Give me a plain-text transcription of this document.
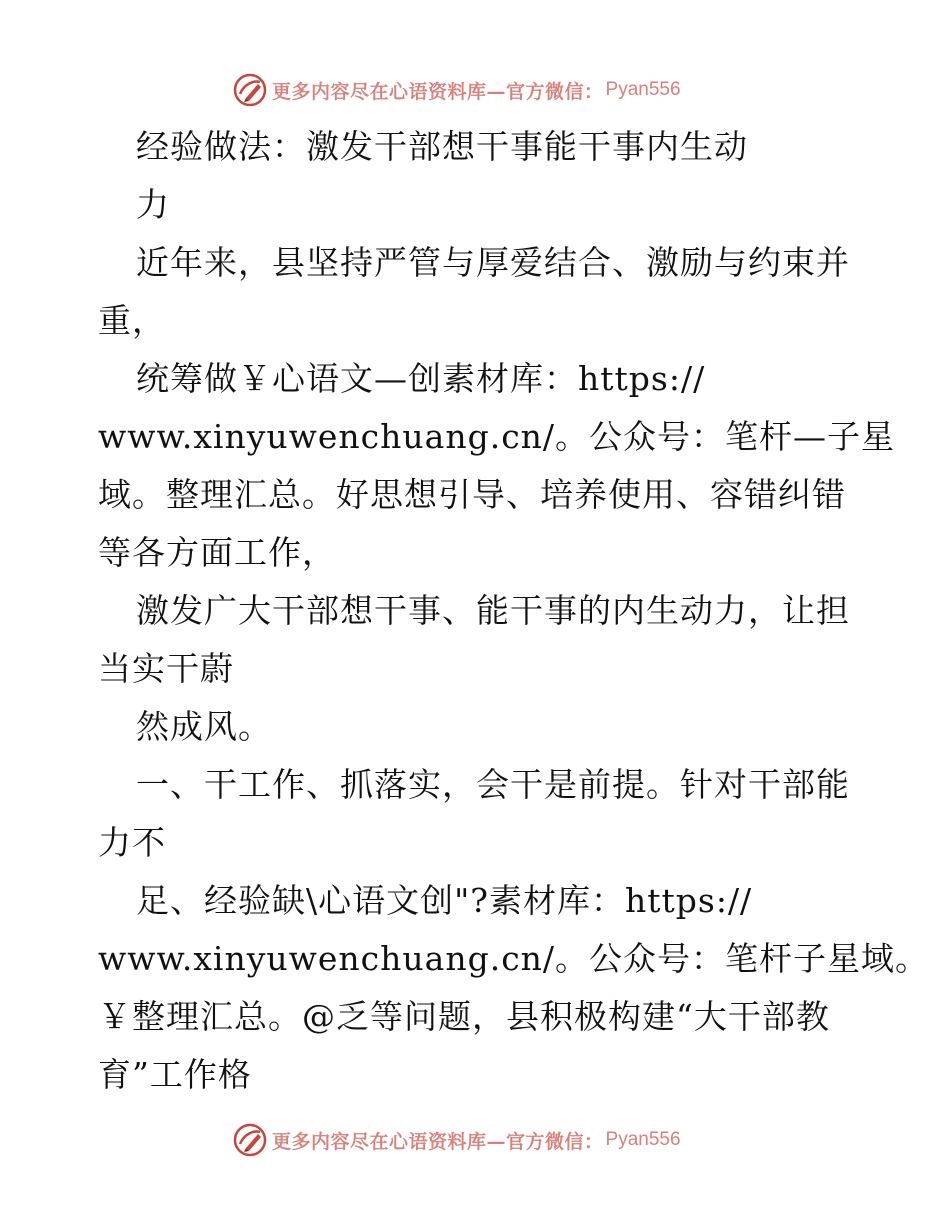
更多内容尽在心语资料库—官方微信： Pyan556
经验做法：激发干部想干事能干事内生动
力
近年来，县坚持严管与厚爱结合、激励与约束并
重，
统筹做￥心语文—创素材库：https://
www.xinyuwenchuang.cn/。公众号：笔杆—子星
域。整理汇总。好思想引导、培养使用、容错纠错
等各方面工作，
激发广大干部想干事、能干事的内生动力，让担
当实干蔚
然成风。
一、干工作、抓落实，会干是前提。针对干部能
力不
足、经验缺\心语文创"?素材库：https://
www.xinyuwenchuang.cn/。公众号：笔杆子星域。
￥整理汇总。@乏等问题，县积极构建“大干部教
育”工作格
更多内容尽在心语资料库—官方微信： Pyan556
